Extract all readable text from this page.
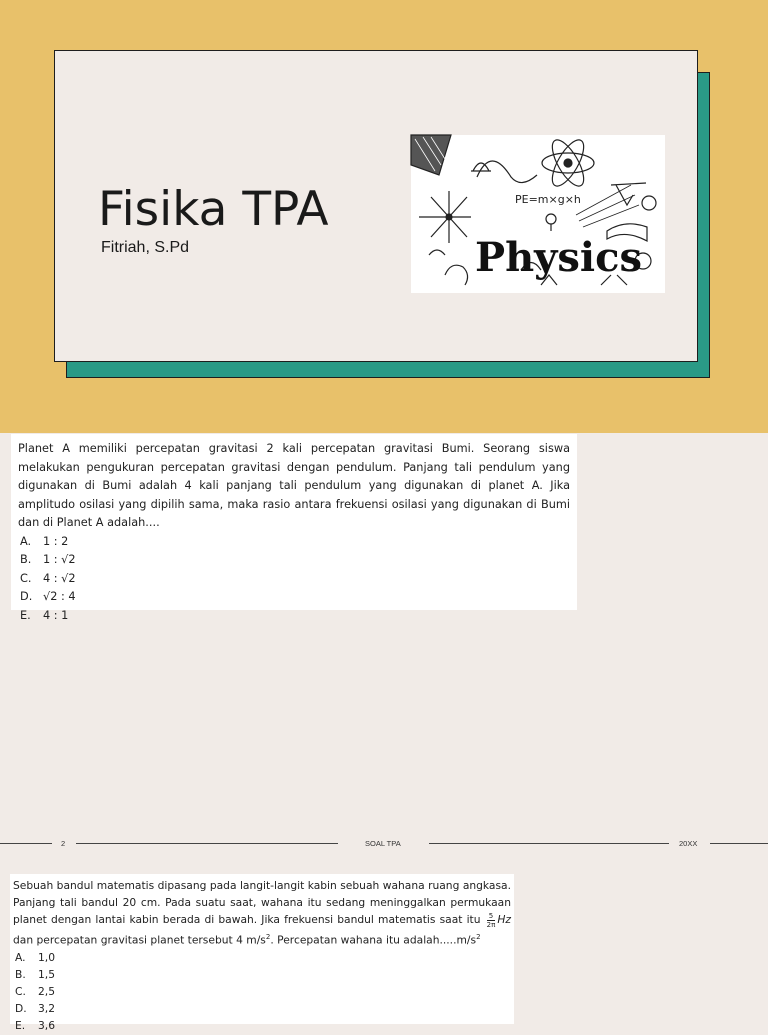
Fisika TPA
Fitriah, S.Pd
PE=m×g×h
Physics
Planet A memiliki percepatan gravitasi 2 kali percepatan gravitasi Bumi. Seorang siswa melakukan pengukuran percepatan gravitasi dengan pendulum. Panjang tali pendulum yang digunakan di Bumi adalah 4 kali panjang tali pendulum yang digunakan di planet A. Jika amplitudo osilasi yang dipilih sama, maka rasio antara frekuensi osilasi yang digunakan di Bumi dan di Planet A adalah....
A.	1 : 2
B.	1 : √2
C.	4 : √2
D. √2 : 4
E.	4 : 1
2	SOAL TPA	20XX
Sebuah bandul matematis dipasang pada langit-langit kabin sebuah wahana ruang angkasa. Panjang tali bandul 20 cm. Pada suatu saat, wahana itu sedang meninggalkan permukaan planet dengan lantai kabin berada di bawah. Jika frekuensi bandul matematis saat itu $\frac{5}{2\pi}$ Hz dan percepatan gravitasi planet tersebut 4 $m/s^2$. Percepatan wahana itu $adalah.....m/s^2$
A.	1,0
B.	1,5
C.	2,5
D.	3,2
E.	3,6
